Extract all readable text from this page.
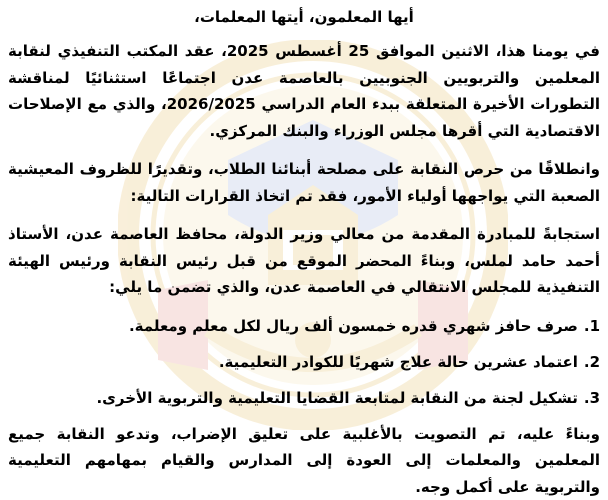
أيها المعلمون، أيتها المعلمات،

في يومنا هذا، الاثنين الموافق 25 أغسطس 2025، عقد المكتب التنفيذي لنقابة المعلمين والتربويين الجنوبيين بالعاصمة عدن اجتماعًا استثنائيًا لمناقشة التطورات الأخيرة المتعلقة ببدء العام الدراسي 2026/2025، والذي مع الإصلاحات الاقتصادية التي أقرها مجلس الوزراء والبنك المركزي.

وانطلاقًا من حرص النقابة على مصلحة أبنائنا الطلاب، وتقديرًا للظروف المعيشية الصعبة التي يواجهها أولياء الأمور، فقد تم اتخاذ القرارات التالية:

استجابةً للمبادرة المقدمة من معالي وزير الدولة، محافظ العاصمة عدن، الأستاذ أحمد حامد لملس، وبناءً المحضر الموقع من قبل رئيس النقابة ورئيس الهيئة التنفيذية للمجلس الانتقالي في العاصمة عدن، والذي تضمن ما يلي:

1.صرف حافز شهري قدره خمسون ألف ريال لكل معلم ومعلمة.
2.اعتماد عشرين حالة علاج شهريًا للكوادر التعليمية.
3.تشكيل لجنة من النقابة لمتابعة القضايا التعليمية والتربوية الأخرى.

وبناءً عليه، تم التصويت بالأغلبية على تعليق الإضراب، وتدعو النقابة جميع المعلمين والمعلمات إلى العودة إلى المدارس والقيام بمهامهم التعليمية والتربوية على أكمل وجه.
